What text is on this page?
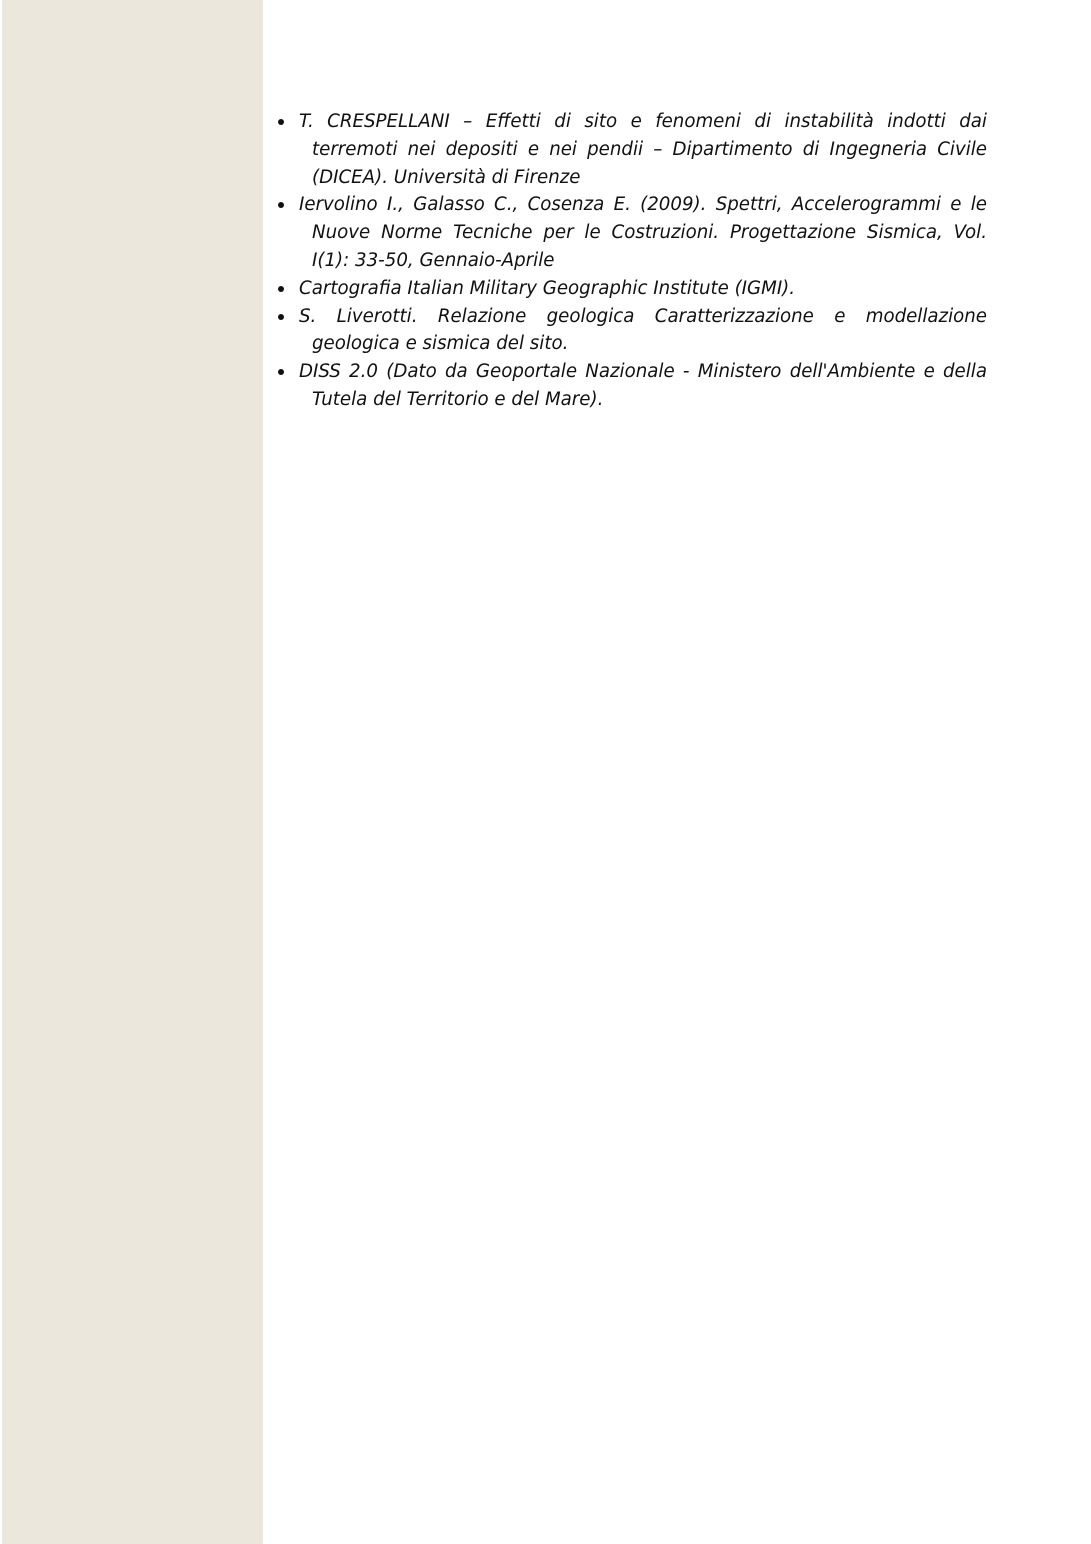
T. CRESPELLANI – Effetti di sito e fenomeni di instabilità indotti dai terremoti nei depositi e nei pendii – Dipartimento di Ingegneria Civile (DICEA). Università di Firenze
Iervolino I., Galasso C., Cosenza E. (2009). Spettri, Accelerogrammi e le Nuove Norme Tecniche per le Costruzioni. Progettazione Sismica, Vol. I(1): 33-50, Gennaio-Aprile
Cartografia Italian Military Geographic Institute (IGMI).
S. Liverotti. Relazione geologica Caratterizzazione e modellazione geologica e sismica del sito.
DISS 2.0 (Dato da Geoportale Nazionale - Ministero dell'Ambiente e della Tutela del Territorio e del Mare).
